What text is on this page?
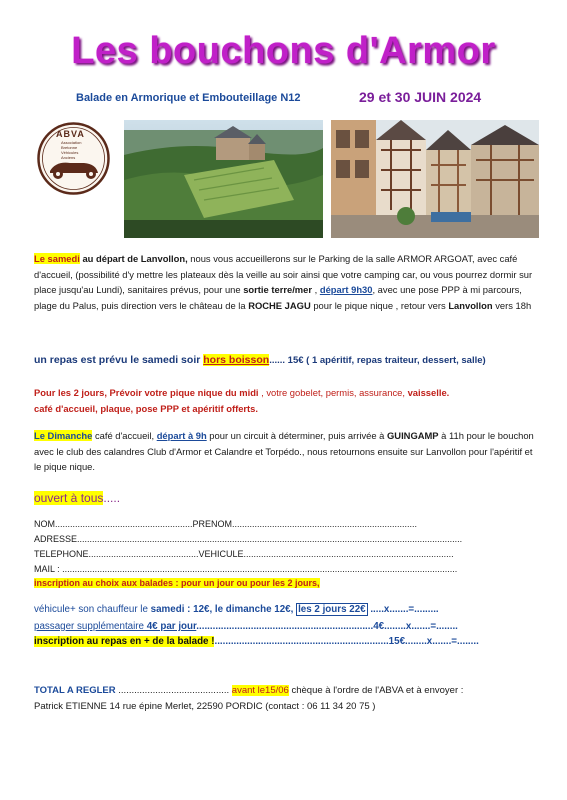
Les bouchons d'Armor
Balade en Armorique et Embouteillage N12	29 et 30 JUIN 2024
ABVA
Association
Bretonne
Véhicules
Anciens
Le samedi au départ de Lanvollon, nous vous accueillerons sur le Parking de la salle ARMOR ARGOAT, avec café d'accueil, (possibilité d'y mettre les plateaux dès la veille au soir ainsi que votre camping car, ou vous pourrez dormir sur place jusqu'au Lundi), sanitaires prévus, pour une sortie terre/mer , départ 9h30, avec une pose PPP à mi parcours, plage du Palus, puis direction vers le château de la ROCHE JAGU pour le pique nique , retour vers Lanvollon vers 18h
un repas est prévu le samedi soir hors boisson...... 15€ ( 1 apéritif, repas traiteur, dessert, salle)
Pour les 2 jours, Prévoir votre pique nique du midi , votre gobelet, permis, assurance, vaisselle.
café d'accueil, plaque, pose PPP et apéritif offerts.
Le Dimanche café d'accueil, départ à 9h pour un circuit à déterminer, puis arrivée à GUINGAMP à 11h pour le bouchon avec le club des calandres Club d'Armor et Calandre et Torpédo., nous retournons ensuite sur Lanvollon pour l'apéritif et le pique nique.
ouvert à tous.....
NOM.......................................................PRENOM..........................................................................
ADRESSE..........................................................................................................................................................
TELEPHONE............................................VEHICULE....................................................................................
MAIL : ..............................................................................................................................................................
inscription au choix aux balades : pour un jour ou pour les 2 jours,
véhicule+ son chauffeur le samedi : 12€, le dimanche 12€, les 2 jours 22€ .....x.......=.........
passager supplémentaire 4€ par jour.................................................................4€........x.......=........
inscription au repas en + de la balade !................................................................15€........x.......=........
TOTAL A REGLER .......................................... avant le15/06 chèque à l'ordre de l'ABVA et à envoyer :
Patrick ETIENNE 14 rue épine Merlet, 22590 PORDIC (contact : 06 11 34 20 75 )
